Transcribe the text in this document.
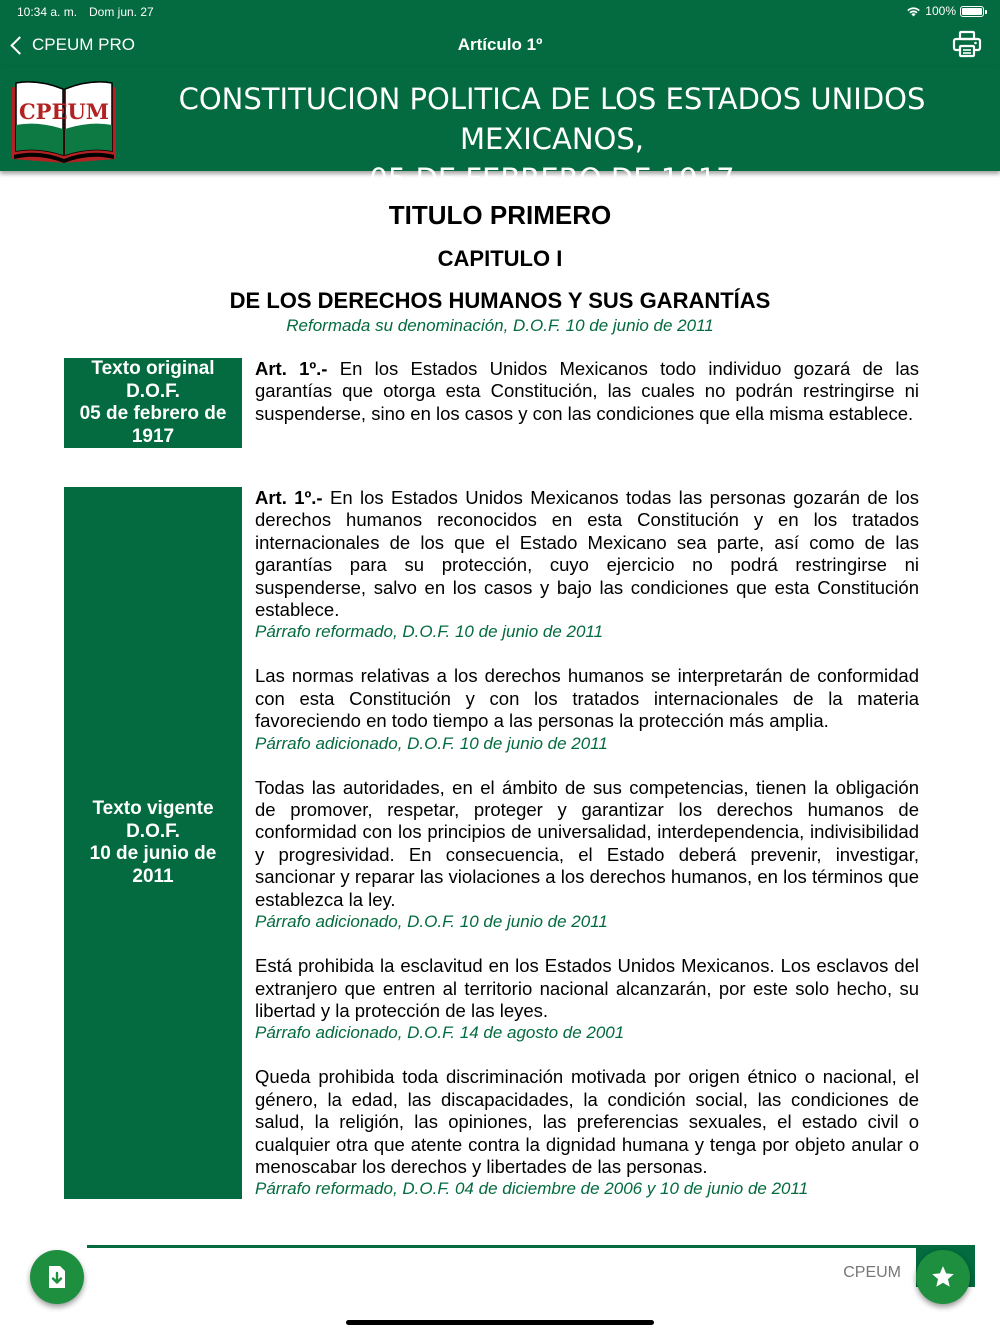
10:34 a. m. Dom jun. 27	100%
CPEUM PRO	Artículo 1º
CPEUM	CONSTITUCION POLITICA DE LOS ESTADOS UNIDOS MEXICANOS,
05 DE FEBRERO DE 1917
TITULO PRIMERO
CAPITULO I
DE LOS DERECHOS HUMANOS Y SUS GARANTÍAS
Reformada su denominación, D.O.F. 10 de junio de 2011
Texto original
D.O.F.
05 de febrero de
1917

Art. 1º.- En los Estados Unidos Mexicanos todo individuo gozará de las garantías que otorga esta Constitución, las cuales no podrán restringirse ni suspenderse, sino en los casos y con las condiciones que ella misma establece.

Texto vigente
D.O.F.
10 de junio de
2011

Art. 1º.- En los Estados Unidos Mexicanos todas las personas gozarán de los derechos humanos reconocidos en esta Constitución y en los tratados internacionales de los que el Estado Mexicano sea parte, así como de las garantías para su protección, cuyo ejercicio no podrá restringirse ni suspenderse, salvo en los casos y bajo las condiciones que esta Constitución establece.

Párrafo reformado, D.O.F. 10 de junio de 2011

Las normas relativas a los derechos humanos se interpretarán de conformidad con esta Constitución y con los tratados internacionales de la materia favoreciendo en todo tiempo a las personas la protección más amplia.

Párrafo adicionado, D.O.F. 10 de junio de 2011

Todas las autoridades, en el ámbito de sus competencias, tienen la obligación de promover, respetar, proteger y garantizar los derechos humanos de conformidad con los principios de universalidad, interdependencia, indivisibilidad y progresividad. En consecuencia, el Estado deberá prevenir, investigar, sancionar y reparar las violaciones a los derechos humanos, en los términos que establezca la ley.

Párrafo adicionado, D.O.F. 10 de junio de 2011

Está prohibida la esclavitud en los Estados Unidos Mexicanos. Los esclavos del extranjero que entren al territorio nacional alcanzarán, por este solo hecho, su libertad y la protección de las leyes.

Párrafo adicionado, D.O.F. 14 de agosto de 2001

Queda prohibida toda discriminación motivada por origen étnico o nacional, el género, la edad, las discapacidades, la condición social, las condiciones de salud, la religión, las opiniones, las preferencias sexuales, el estado civil o cualquier otra que atente contra la dignidad humana y tenga por objeto anular o menoscabar los derechos y libertades de las personas.

Párrafo reformado, D.O.F. 04 de diciembre de 2006 y 10 de junio de 2011

CPEUM
